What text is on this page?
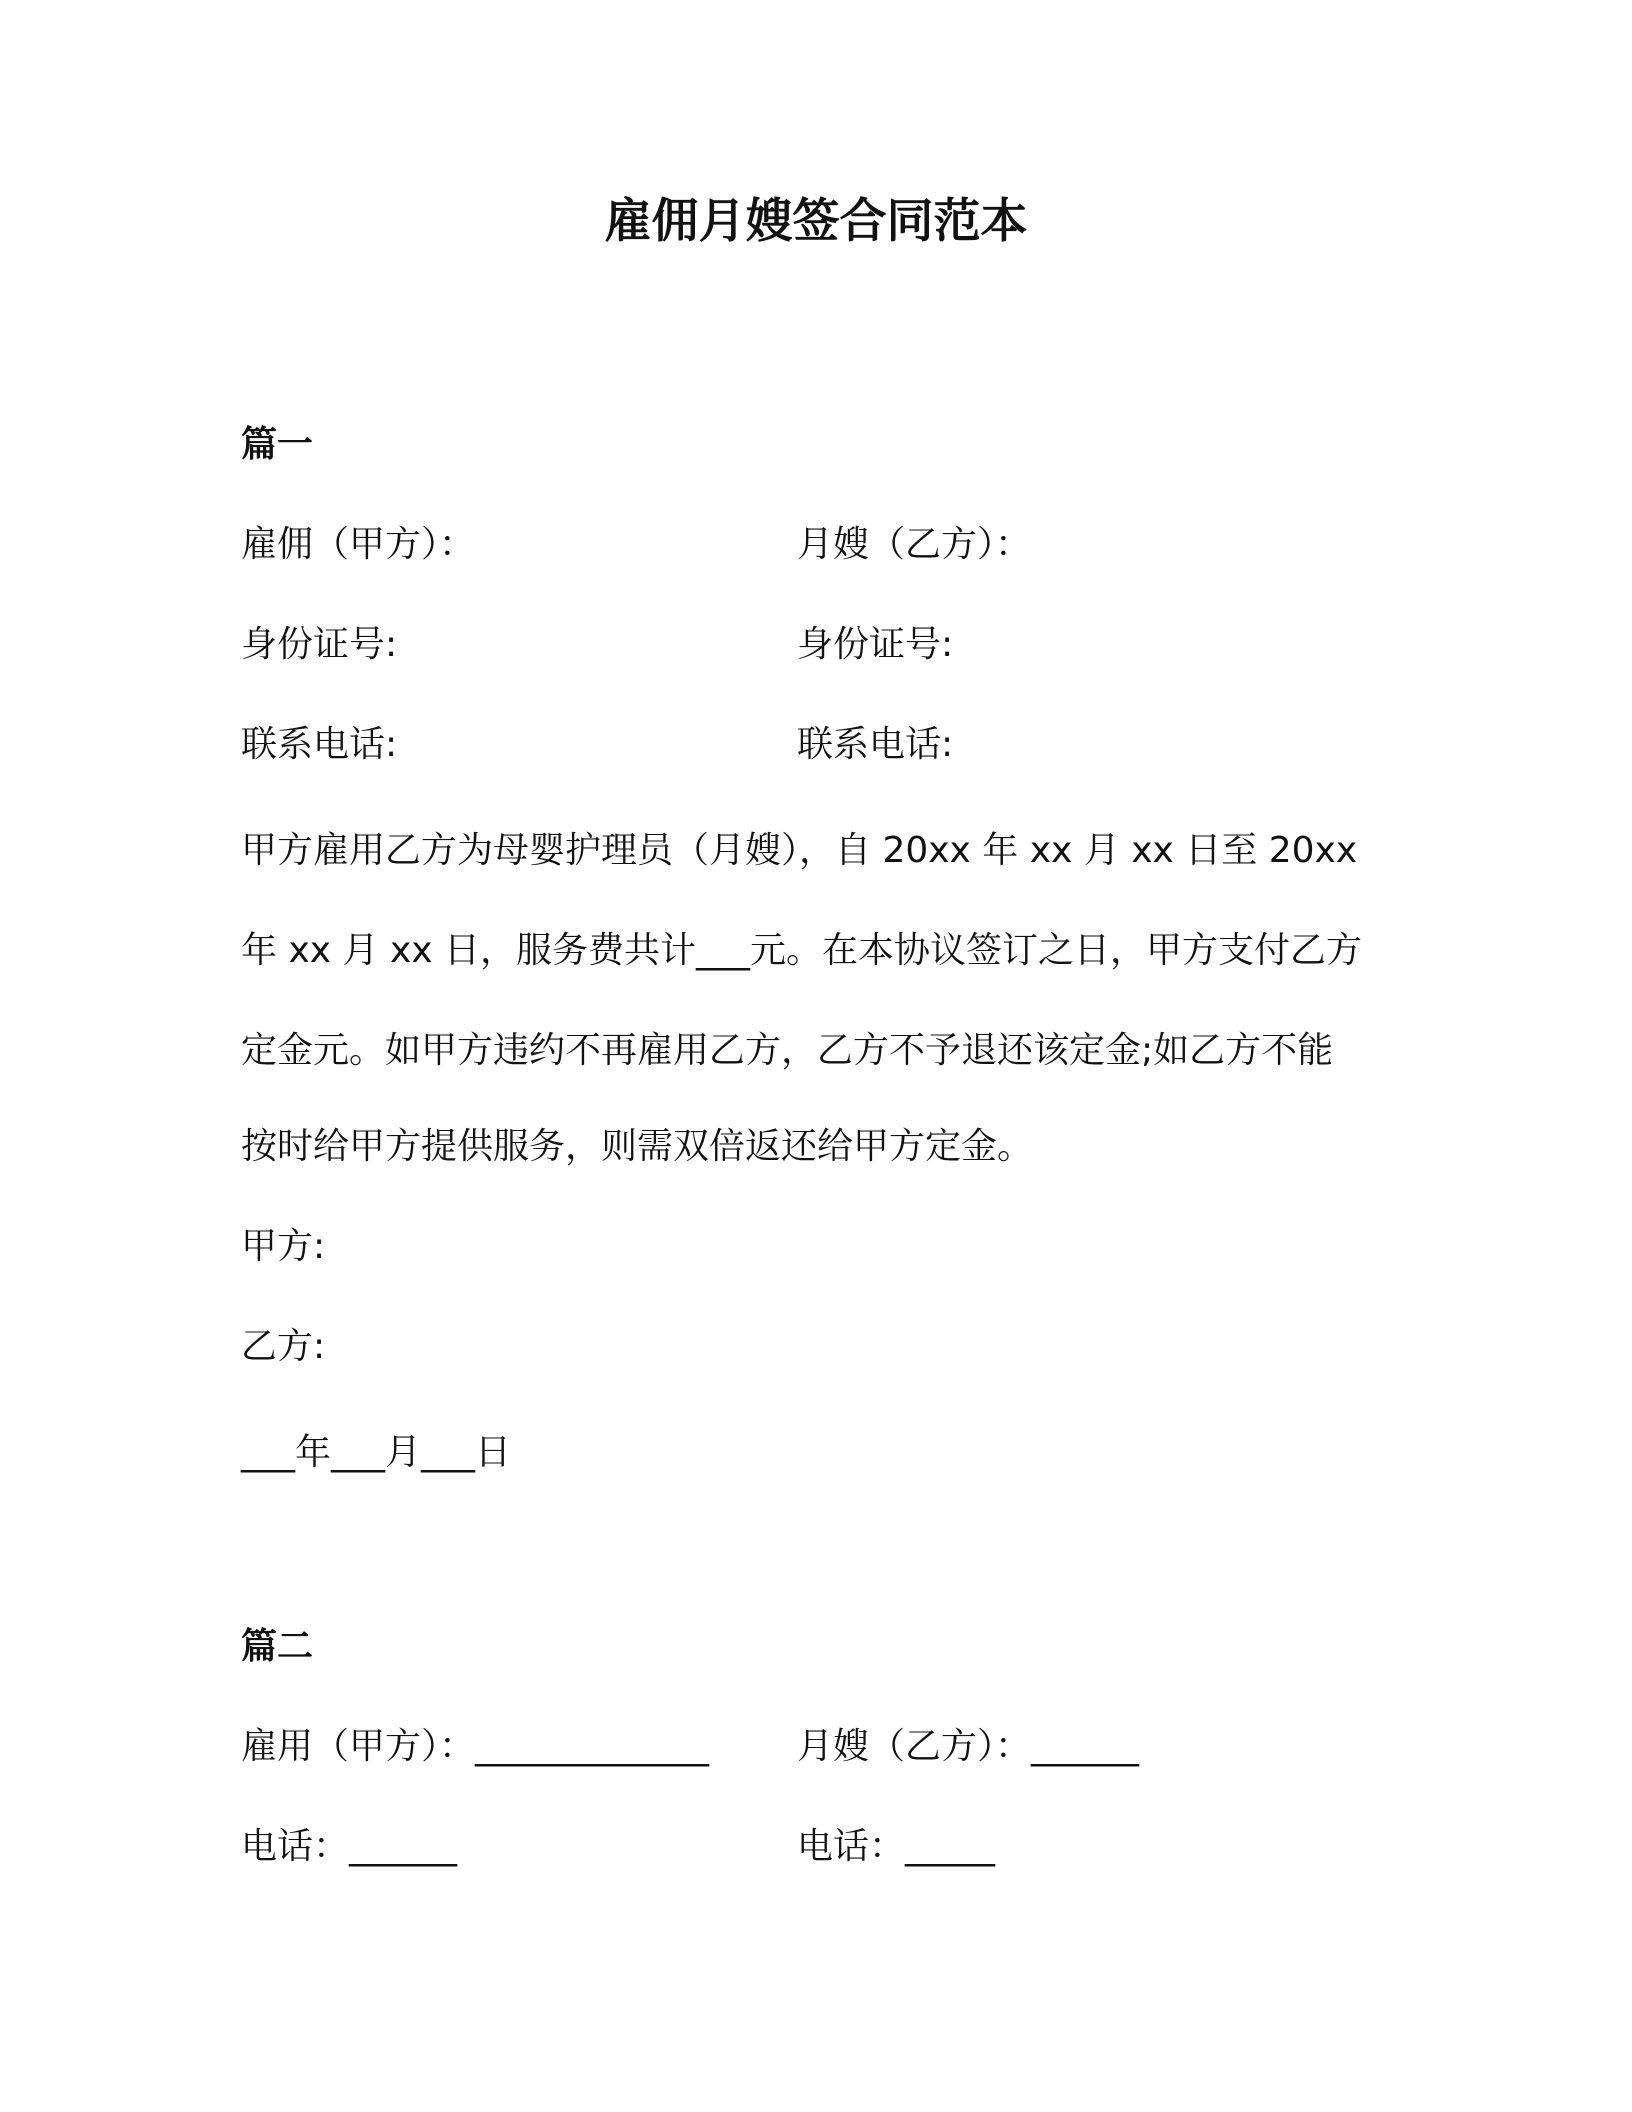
雇佣月嫂签合同范本
篇一
雇佣（甲方）：	月嫂（乙方）：
身份证号:	身份证号:
联系电话:	联系电话:
甲方雇用乙方为母婴护理员（月嫂），自 20xx 年 xx 月 xx 日至 20xx
年 xx 月 xx 日，服务费共计___元。在本协议签订之日，甲方支付乙方
定金元。如甲方违约不再雇用乙方，乙方不予退还该定金;如乙方不能
按时给甲方提供服务，则需双倍返还给甲方定金。
甲方:
乙方:
___年___月___日
篇二
雇用（甲方）：_____________ 月嫂（乙方）：______
电话：______	电话：_____
